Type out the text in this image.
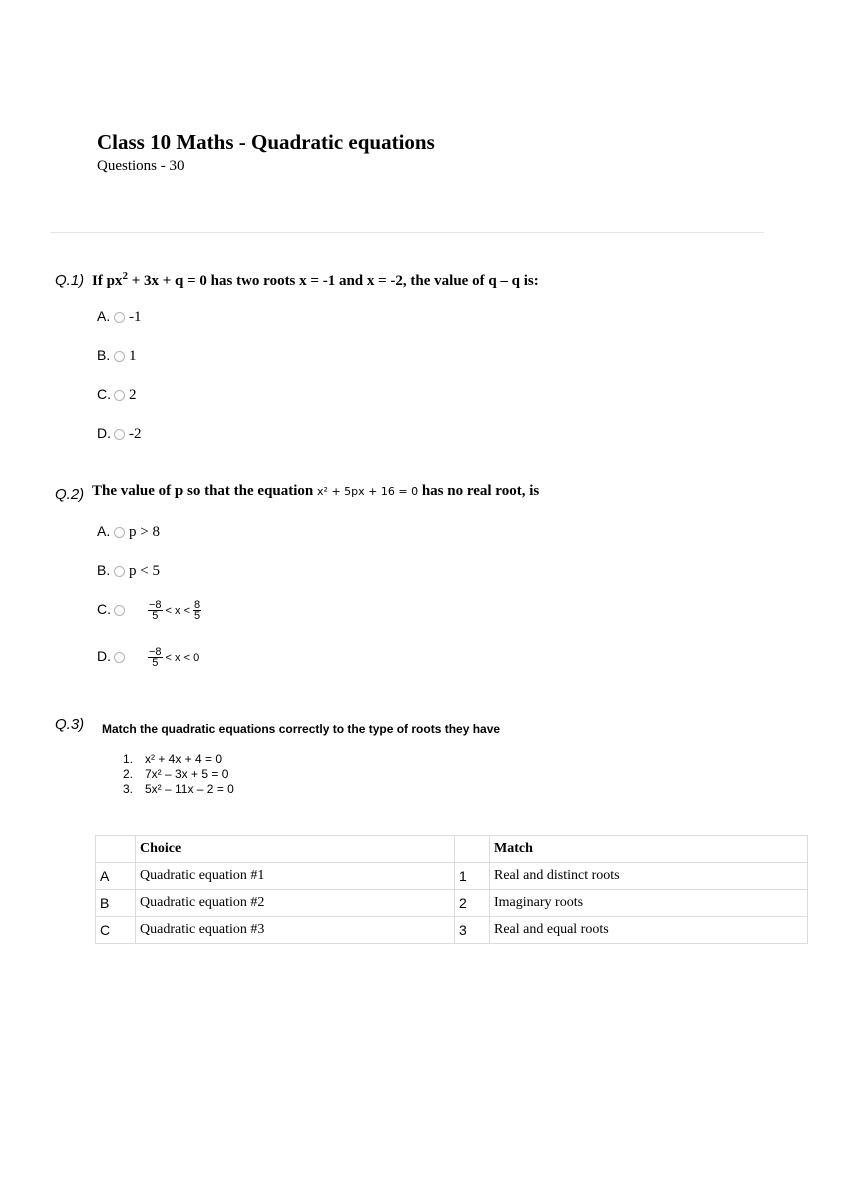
Class 10 Maths - Quadratic equations
Questions - 30
Q.1) If $px^2 + 3x + q = 0$ has two roots x = -1 and x = -2, the value of q – q is:
A. -1
B. 1
C. 2
D. -2
Q.2) The value of p so that the equation x² + 5px + 16 = 0 has no real root, is
A. p > 8
B. p < 5
C.	$\frac{-8}{5} < x < \frac{8}{5}$
D.	$\frac{-8}{5} < x < 0$
Q.3) Match the quadratic equations correctly to the type of roots they have
1. x² + 4x + 4 = 0
2. 7x² – 3x + 5 = 0
3. 5x² – 11x – 2 = 0
	Choice		Match
A	Quadratic equation #1	1	Real and distinct roots
B	Quadratic equation #2	2	Imaginary roots
C	Quadratic equation #3	3	Real and equal roots
